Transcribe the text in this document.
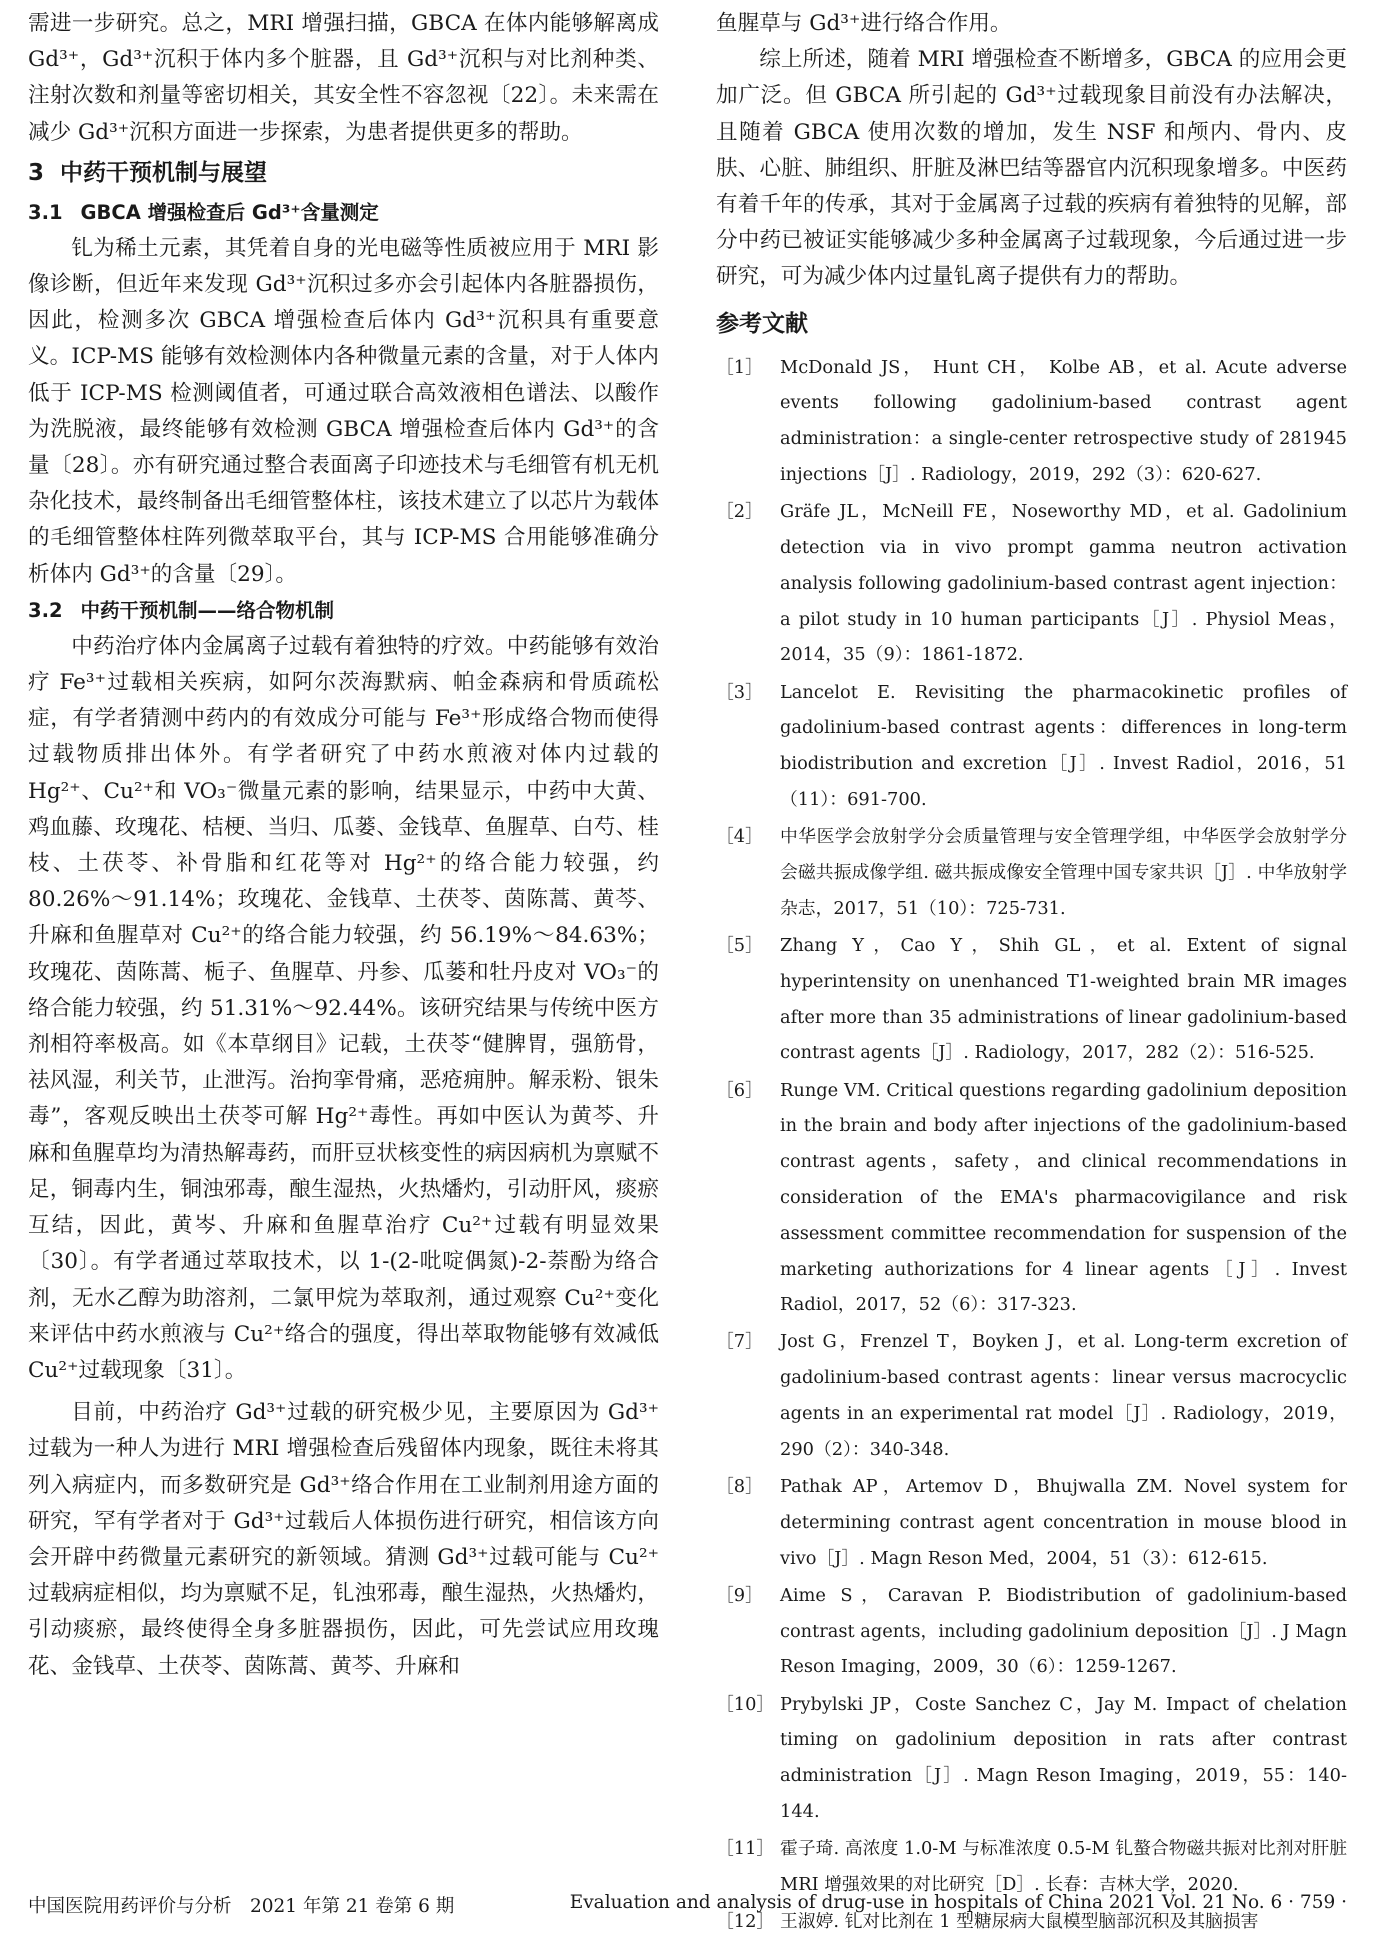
需进一步研究。总之，MRI 增强扫描，GBCA 在体内能够解离成 Gd³⁺，Gd³⁺沉积于体内多个脏器，且 Gd³⁺沉积与对比剂种类、注射次数和剂量等密切相关，其安全性不容忽视〔22〕。未来需在减少 Gd³⁺沉积方面进一步探索，为患者提供更多的帮助。

3 中药干预机制与展望
3.1 GBCA 增强检查后 Gd³⁺含量测定

钆为稀土元素，其凭着自身的光电磁等性质被应用于 MRI 影像诊断，但近年来发现 Gd³⁺沉积过多亦会引起体内各脏器损伤，因此，检测多次 GBCA 增强检查后体内 Gd³⁺沉积具有重要意义。ICP-MS 能够有效检测体内各种微量元素的含量，对于人体内低于 ICP-MS 检测阈值者，可通过联合高效液相色谱法、以酸作为洗脱液，最终能够有效检测 GBCA 增强检查后体内 Gd³⁺的含量〔28〕。亦有研究通过整合表面离子印迹技术与毛细管有机无机杂化技术，最终制备出毛细管整体柱，该技术建立了以芯片为载体的毛细管整体柱阵列微萃取平台，其与 ICP-MS 合用能够准确分析体内 Gd³⁺的含量〔29〕。

3.2 中药干预机制——络合物机制

中药治疗体内金属离子过载有着独特的疗效。中药能够有效治疗 Fe³⁺过载相关疾病，如阿尔茨海默病、帕金森病和骨质疏松症，有学者猜测中药内的有效成分可能与 Fe³⁺形成络合物而使得过载物质排出体外。有学者研究了中药水煎液对体内过载的 Hg²⁺、Cu²⁺和 VO₃⁻微量元素的影响，结果显示，中药中大黄、鸡血藤、玫瑰花、桔梗、当归、瓜蒌、金钱草、鱼腥草、白芍、桂枝、土茯苓、补骨脂和红花等对 Hg²⁺的络合能力较强，约 80.26%～91.14%；玫瑰花、金钱草、土茯苓、茵陈蒿、黄芩、升麻和鱼腥草对 Cu²⁺的络合能力较强，约 56.19%～84.63%；玫瑰花、茵陈蒿、栀子、鱼腥草、丹参、瓜蒌和牡丹皮对 VO₃⁻的络合能力较强，约 51.31%～92.44%。该研究结果与传统中医方剂相符率极高。如《本草纲目》记载，土茯苓“健脾胃，强筋骨，祛风湿，利关节，止泄泻。治拘挛骨痛，恶疮痈肿。解汞粉、银朱毒”，客观反映出土茯苓可解 Hg²⁺毒性。再如中医认为黄芩、升麻和鱼腥草均为清热解毒药，而肝豆状核变性的病因病机为禀赋不足，铜毒内生，铜浊邪毒，酿生湿热，火热燔灼，引动肝风，痰瘀互结，因此，黄岑、升麻和鱼腥草治疗 Cu²⁺过载有明显效果〔30〕。有学者通过萃取技术，以 1-(2-吡啶偶氮)-2-萘酚为络合剂，无水乙醇为助溶剂，二氯甲烷为萃取剂，通过观察 Cu²⁺变化来评估中药水煎液与 Cu²⁺络合的强度，得出萃取物能够有效减低 Cu²⁺过载现象〔31〕。

目前，中药治疗 Gd³⁺过载的研究极少见，主要原因为 Gd³⁺过载为一种人为进行 MRI 增强检查后残留体内现象，既往未将其列入病症内，而多数研究是 Gd³⁺络合作用在工业制剂用途方面的研究，罕有学者对于 Gd³⁺过载后人体损伤进行研究，相信该方向会开辟中药微量元素研究的新领域。猜测 Gd³⁺过载可能与 Cu²⁺过载病症相似，均为禀赋不足，钆浊邪毒，酿生湿热，火热燔灼，引动痰瘀，最终使得全身多脏器损伤，因此，可先尝试应用玫瑰花、金钱草、土茯苓、茵陈蒿、黄芩、升麻和

鱼腥草与 Gd³⁺进行络合作用。

综上所述，随着 MRI 增强检查不断增多，GBCA 的应用会更加广泛。但 GBCA 所引起的 Gd³⁺过载现象目前没有办法解决，且随着 GBCA 使用次数的增加，发生 NSF 和颅内、骨内、皮肤、心脏、肺组织、肝脏及淋巴结等器官内沉积现象增多。中医药有着千年的传承，其对于金属离子过载的疾病有着独特的见解，部分中药已被证实能够减少多种金属离子过载现象，今后通过进一步研究，可为减少体内过量钆离子提供有力的帮助。

参考文献
［1］ McDonald JS， Hunt CH， Kolbe AB，et al. Acute adverse events following gadolinium-based contrast agent administration：a single-center retrospective study of 281945 injections［J］. Radiology，2019，292（3）：620-627.
［2］ Gräfe JL，McNeill FE，Noseworthy MD，et al. Gadolinium detection via in vivo prompt gamma neutron activation analysis following gadolinium-based contrast agent injection：a pilot study in 10 human participants［J］. Physiol Meas，2014，35（9）：1861-1872.
［3］ Lancelot E. Revisiting the pharmacokinetic profiles of gadolinium-based contrast agents：differences in long-term biodistribution and excretion［J］. Invest Radiol，2016，51（11）：691-700.
［4］ 中华医学会放射学分会质量管理与安全管理学组，中华医学会放射学分会磁共振成像学组. 磁共振成像安全管理中国专家共识［J］. 中华放射学杂志，2017，51（10）：725-731.
［5］ Zhang Y，Cao Y，Shih GL，et al. Extent of signal hyperintensity on unenhanced T1-weighted brain MR images after more than 35 administrations of linear gadolinium-based contrast agents［J］. Radiology，2017，282（2）：516-525.
［6］ Runge VM. Critical questions regarding gadolinium deposition in the brain and body after injections of the gadolinium-based contrast agents，safety，and clinical recommendations in consideration of the EMA's pharmacovigilance and risk assessment committee recommendation for suspension of the marketing authorizations for 4 linear agents［J］. Invest Radiol，2017，52（6）：317-323.
［7］ Jost G，Frenzel T，Boyken J，et al. Long-term excretion of gadolinium-based contrast agents：linear versus macrocyclic agents in an experimental rat model［J］. Radiology，2019，290（2）：340-348.
［8］ Pathak AP，Artemov D，Bhujwalla ZM. Novel system for determining contrast agent concentration in mouse blood in vivo［J］. Magn Reson Med，2004，51（3）：612-615.
［9］ Aime S，Caravan P. Biodistribution of gadolinium-based contrast agents，including gadolinium deposition［J］. J Magn Reson Imaging，2009，30（6）：1259-1267.
［10］ Prybylski JP，Coste Sanchez C，Jay M. Impact of chelation timing on gadolinium deposition in rats after contrast administration［J］. Magn Reson Imaging，2019，55：140-144.
［11］ 霍子琦. 高浓度 1.0-M 与标准浓度 0.5-M 钆螯合物磁共振对比剂对肝脏 MRI 增强效果的对比研究［D］. 长春：吉林大学，2020.
［12］ 王淑婷. 钆对比剂在 1 型糖尿病大鼠模型脑部沉积及其脑损害
中国医院用药评价与分析　2021 年第 21 卷第 6 期	Evaluation and analysis of drug-use in hospitals of China 2021 Vol. 21 No. 6 · 759 ·
